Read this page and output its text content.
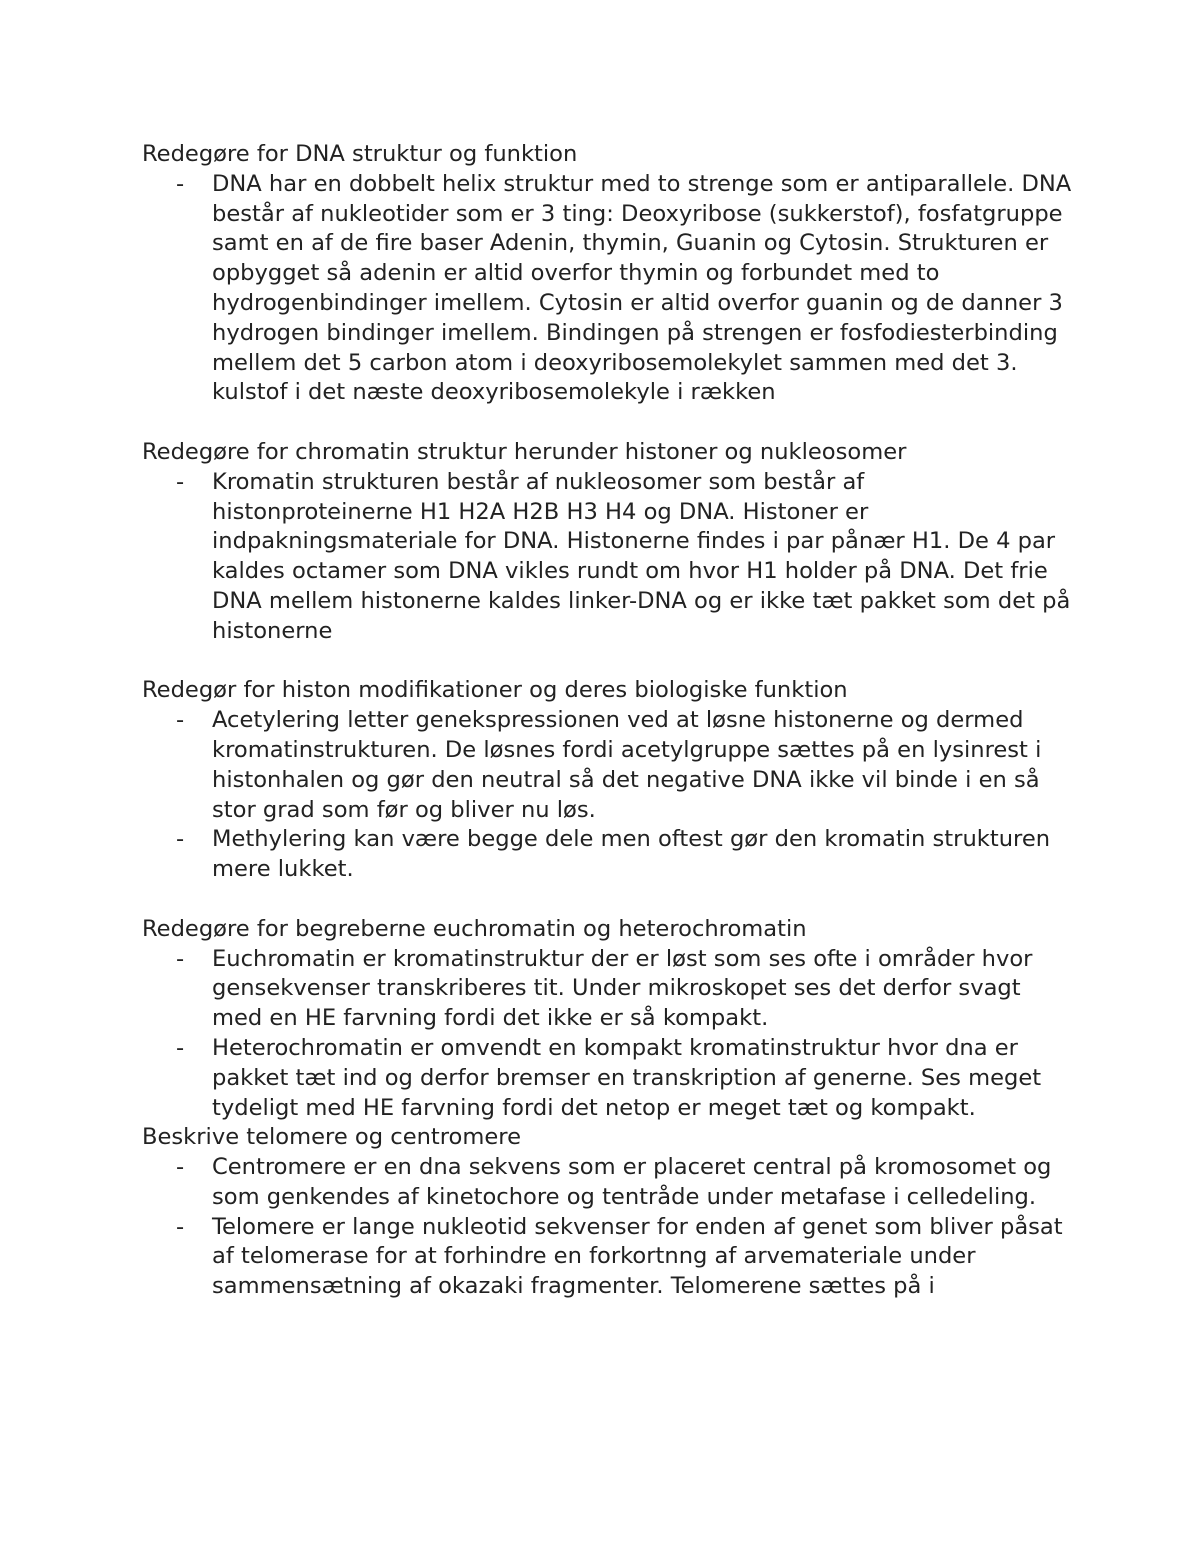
Redegøre for DNA struktur og funktion
-	DNA har en dobbelt helix struktur med to strenge som er antiparallele. DNA består af nukleotider som er 3 ting: Deoxyribose (sukkerstof), fosfatgruppe samt en af de fire baser Adenin, thymin, Guanin og Cytosin. Strukturen er opbygget så adenin er altid overfor thymin og forbundet med to hydrogenbindinger imellem. Cytosin er altid overfor guanin og de danner 3 hydrogen bindinger imellem. Bindingen på strengen er fosfodiesterbinding mellem det 5 carbon atom i deoxyribosemolekylet sammen med det 3. kulstof i det næste deoxyribosemolekyle i rækken
Redegøre for chromatin struktur herunder histoner og nukleosomer
-	Kromatin strukturen består af nukleosomer som består af histonproteinerne H1 H2A H2B H3 H4 og DNA. Histoner er indpakningsmateriale for DNA. Histonerne findes i par pånær H1. De 4 par kaldes octamer som DNA vikles rundt om hvor H1 holder på DNA. Det frie DNA mellem histonerne kaldes linker-DNA og er ikke tæt pakket som det på histonerne
Redegør for histon modifikationer og deres biologiske funktion
-	Acetylering letter genekspressionen ved at løsne histonerne og dermed kromatinstrukturen. De løsnes fordi acetylgruppe sættes på en lysinrest i histonhalen og gør den neutral så det negative DNA ikke vil binde i en så stor grad som før og bliver nu løs.
-	Methylering kan være begge dele men oftest gør den kromatin strukturen mere lukket.
Redegøre for begreberne euchromatin og heterochromatin
-	Euchromatin er kromatinstruktur der er løst som ses ofte i områder hvor gensekvenser transkriberes tit. Under mikroskopet ses det derfor svagt med en HE farvning fordi det ikke er så kompakt.
-	Heterochromatin er omvendt en kompakt kromatinstruktur hvor dna er pakket tæt ind og derfor bremser en transkription af generne. Ses meget tydeligt med HE farvning fordi det netop er meget tæt og kompakt.
Beskrive telomere og centromere
-	Centromere er en dna sekvens som er placeret central på kromosomet og som genkendes af kinetochore og tentråde under metafase i celledeling.
-	Telomere er lange nukleotid sekvenser for enden af genet som bliver påsat af telomerase for at forhindre en forkortnng af arvemateriale under sammensætning af okazaki fragmenter. Telomerene sættes på i
